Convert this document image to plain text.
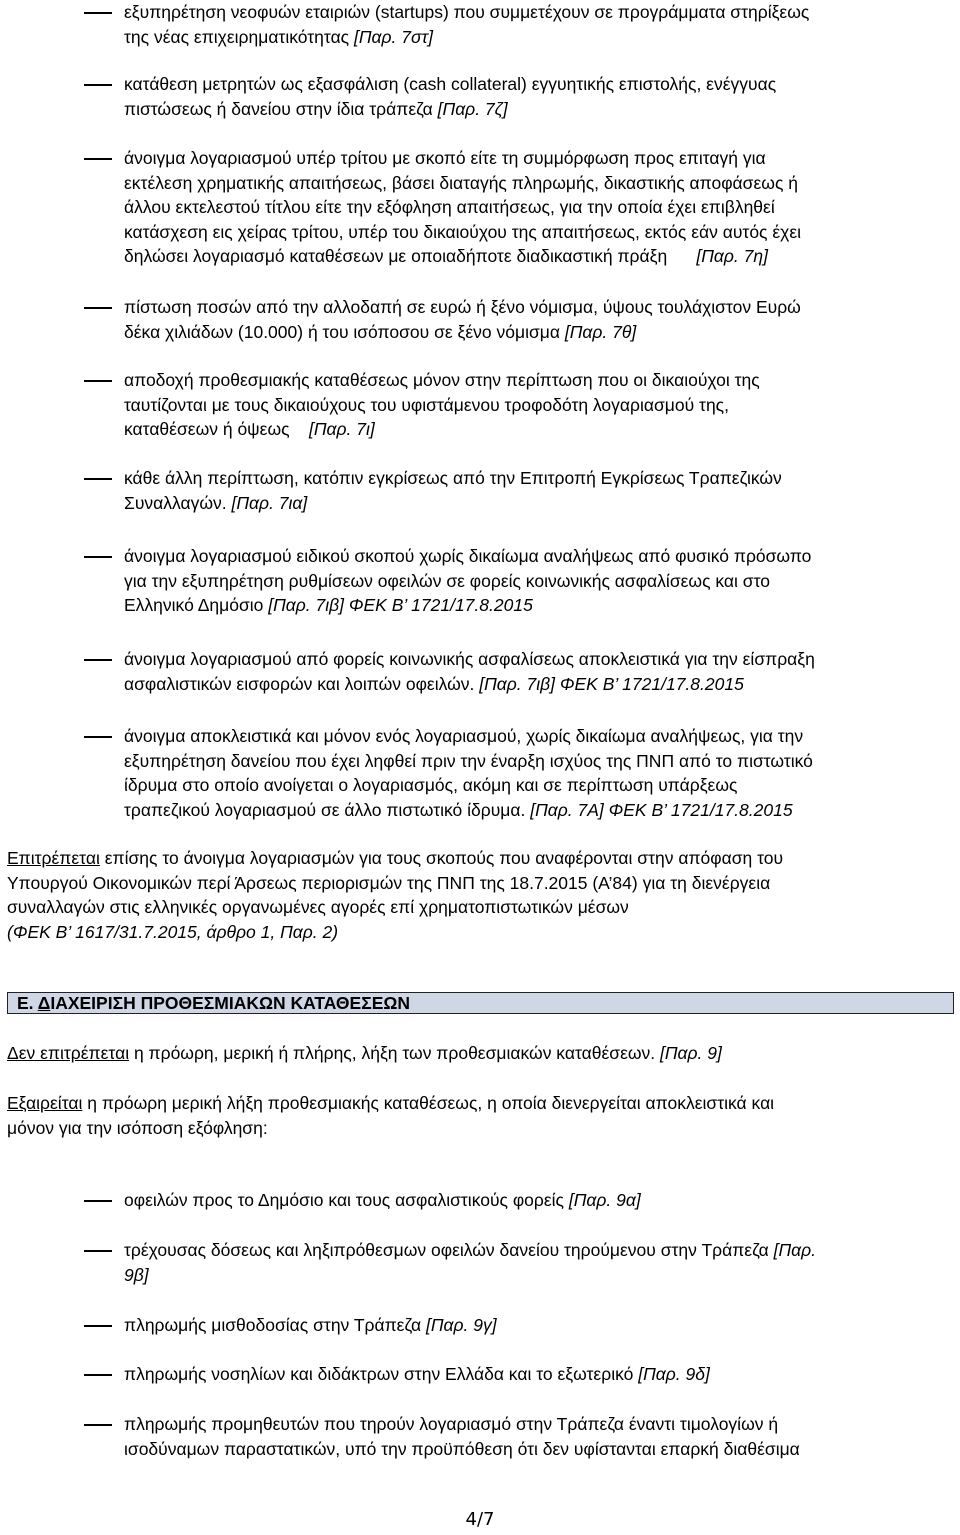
εξυπηρέτηση νεοφυών εταιριών (startups) που συμμετέχουν σε προγράμματα στηρίξεως
της νέας επιχειρηματικότητας [Παρ. 7στ]
κατάθεση μετρητών ως εξασφάλιση (cash collateral) εγγυητικής επιστολής, ενέγγυας
πιστώσεως ή δανείου στην ίδια τράπεζα [Παρ. 7ζ]
άνοιγμα λογαριασμού υπέρ τρίτου με σκοπό είτε τη συμμόρφωση προς επιταγή για
εκτέλεση χρηματικής απαιτήσεως, βάσει διαταγής πληρωμής, δικαστικής αποφάσεως ή
άλλου εκτελεστού τίτλου είτε την εξόφληση απαιτήσεως, για την οποία έχει επιβληθεί
κατάσχεση εις χείρας τρίτου, υπέρ του δικαιούχου της απαιτήσεως, εκτός εάν αυτός έχει
δηλώσει λογαριασμό καταθέσεων με οποιαδήποτε διαδικαστική πράξη      [Παρ. 7η]
πίστωση ποσών από την αλλοδαπή σε ευρώ ή ξένο νόμισμα, ύψους τουλάχιστον Ευρώ
δέκα χιλιάδων (10.000) ή του ισόποσου σε ξένο νόμισμα [Παρ. 7θ]
αποδοχή προθεσμιακής καταθέσεως μόνον στην περίπτωση που οι δικαιούχοι της
ταυτίζονται με τους δικαιούχους του υφιστάμενου τροφοδότη λογαριασμού της,
καταθέσεων ή όψεως    [Παρ. 7ι]
κάθε άλλη περίπτωση, κατόπιν εγκρίσεως από την Επιτροπή Εγκρίσεως Τραπεζικών
Συναλλαγών. [Παρ. 7ια]
άνοιγμα λογαριασμού ειδικού σκοπού χωρίς δικαίωμα αναλήψεως από φυσικό πρόσωπο
για την εξυπηρέτηση ρυθμίσεων οφειλών σε φορείς κοινωνικής ασφαλίσεως και στο
Ελληνικό Δημόσιο [Παρ. 7ιβ] ΦΕΚ Β’ 1721/17.8.2015
άνοιγμα λογαριασμού από φορείς κοινωνικής ασφαλίσεως αποκλειστικά για την είσπραξη
ασφαλιστικών εισφορών και λοιπών οφειλών. [Παρ. 7ιβ] ΦΕΚ Β’ 1721/17.8.2015
άνοιγμα αποκλειστικά και μόνον ενός λογαριασμού, χωρίς δικαίωμα αναλήψεως, για την
εξυπηρέτηση δανείου που έχει ληφθεί πριν την έναρξη ισχύος της ΠΝΠ από το πιστωτικό
ίδρυμα στο οποίο ανοίγεται ο λογαριασμός, ακόμη και σε περίπτωση υπάρξεως
τραπεζικού λογαριασμού σε άλλο πιστωτικό ίδρυμα. [Παρ. 7Α] ΦΕΚ Β’ 1721/17.8.2015
Επιτρέπεται επίσης το άνοιγμα λογαριασμών για τους σκοπούς που αναφέρονται στην απόφαση του
Υπουργού Οικονομικών περί Άρσεως περιορισμών της ΠΝΠ της 18.7.2015 (Α’84) για τη διενέργεια
συναλλαγών στις ελληνικές οργανωμένες αγορές επί χρηματοπιστωτικών μέσων
(ΦΕΚ Β’ 1617/31.7.2015, άρθρο 1, Παρ. 2)
Ε. ΔΙΑΧΕΙΡΙΣΗ ΠΡΟΘΕΣΜΙΑΚΩΝ ΚΑΤΑΘΕΣΕΩΝ
Δεν επιτρέπεται η πρόωρη, μερική ή πλήρης, λήξη των προθεσμιακών καταθέσεων. [Παρ. 9]
Εξαιρείται η πρόωρη μερική λήξη προθεσμιακής καταθέσεως, η οποία διενεργείται αποκλειστικά και
μόνον για την ισόποση εξόφληση:
οφειλών προς το Δημόσιο και τους ασφαλιστικούς φορείς [Παρ. 9α]
τρέχουσας δόσεως και ληξιπρόθεσμων οφειλών δανείου τηρούμενου στην Τράπεζα [Παρ.
9β]
πληρωμής μισθοδοσίας στην Τράπεζα [Παρ. 9γ]
πληρωμής νοσηλίων και διδάκτρων στην Ελλάδα και το εξωτερικό [Παρ. 9δ]
πληρωμής προμηθευτών που τηρούν λογαριασμό στην Τράπεζα έναντι τιμολογίων ή
ισοδύναμων παραστατικών, υπό την προϋπόθεση ότι δεν υφίστανται επαρκή διαθέσιμα
4/7
